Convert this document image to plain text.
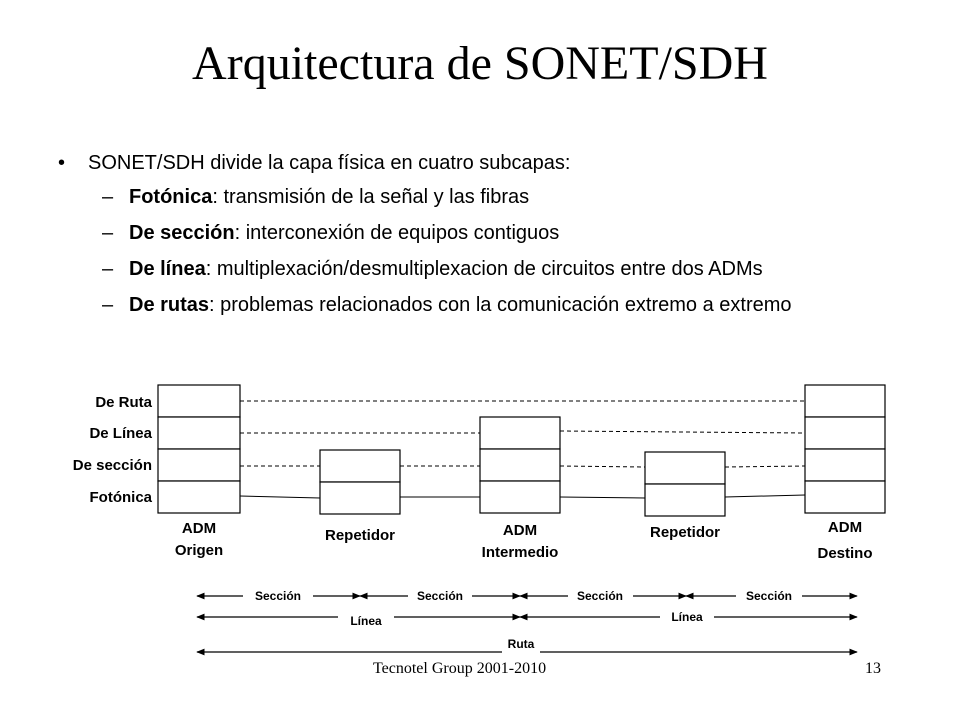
Arquitectura de SONET/SDH
• SONET/SDH divide la capa física en cuatro subcapas:
– Fotónica: transmisión de la señal y las fibras
– De sección: interconexión de equipos contiguos
– De línea: multiplexación/desmultiplexacion de circuitos entre dos ADMs
– De rutas: problemas relacionados con la comunicación extremo a extremo
De Ruta
De Línea
De sección
Fotónica
ADM
Origen
Repetidor	ADM
Intermedio
Repetidor	ADM
Destino
Sección	Sección	Sección	Sección
Línea	Línea
Ruta
Tecnotel Group 2001-2010	13
